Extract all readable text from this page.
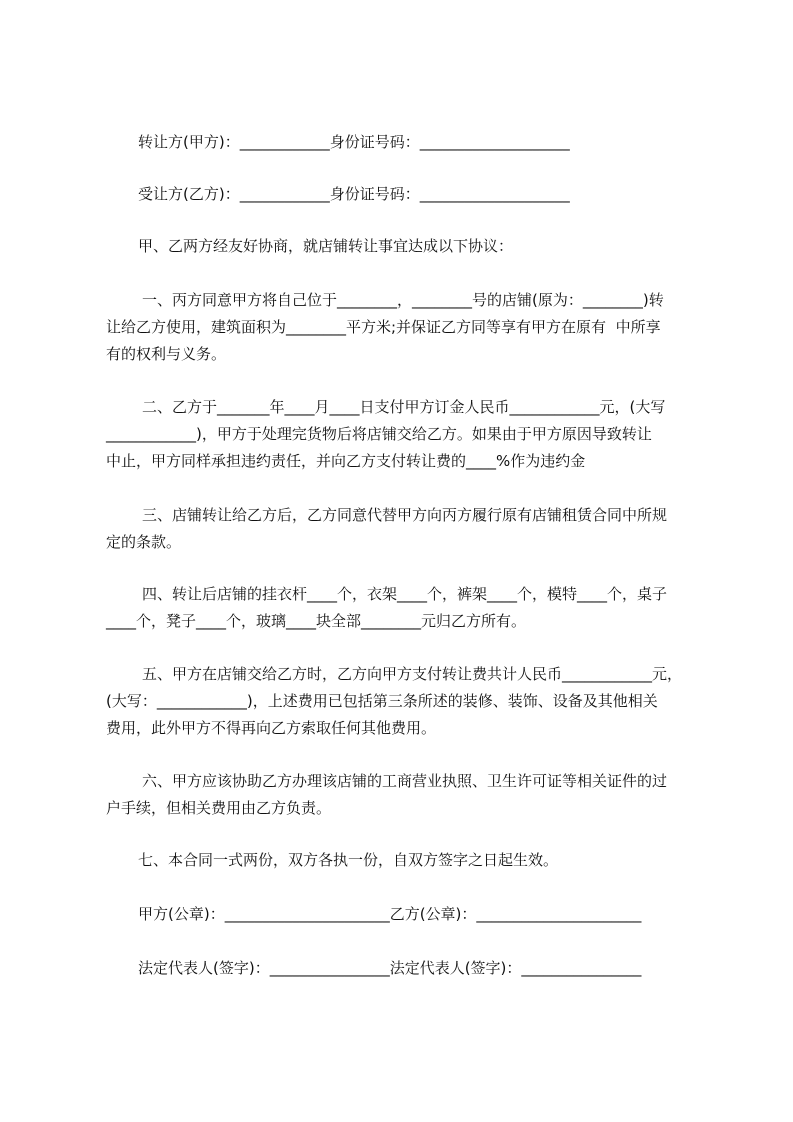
转让方(甲方)：____________身份证号码：____________________
受让方(乙方)：____________身份证号码：____________________
甲、乙两方经友好协商，就店铺转让事宜达成以下协议：
一、丙方同意甲方将自己位于________，________号的店铺(原为：________)转
让给乙方使用，建筑面积为________平方米;并保证乙方同等享有甲方在原有  中所享
有的权利与义务。
二、乙方于_______年____月____日支付甲方订金人民币____________元，(大写
____________)，甲方于处理完货物后将店铺交给乙方。如果由于甲方原因导致转让
中止，甲方同样承担违约责任，并向乙方支付转让费的____%作为违约金
三、店铺转让给乙方后，乙方同意代替甲方向丙方履行原有店铺租赁合同中所规
定的条款。
四、转让后店铺的挂衣杆____个，衣架____个，裤架____个，模特____个，桌子
____个，凳子____个，玻璃____块全部________元归乙方所有。
五、甲方在店铺交给乙方时，乙方向甲方支付转让费共计人民币____________元，
(大写：____________)，上述费用已包括第三条所述的装修、装饰、设备及其他相关
费用，此外甲方不得再向乙方索取任何其他费用。
六、甲方应该协助乙方办理该店铺的工商营业执照、卫生许可证等相关证件的过
户手续，但相关费用由乙方负责。
七、本合同一式两份，双方各执一份，自双方签字之日起生效。
甲方(公章)：______________________乙方(公章)：______________________
法定代表人(签字)：________________法定代表人(签字)：________________
